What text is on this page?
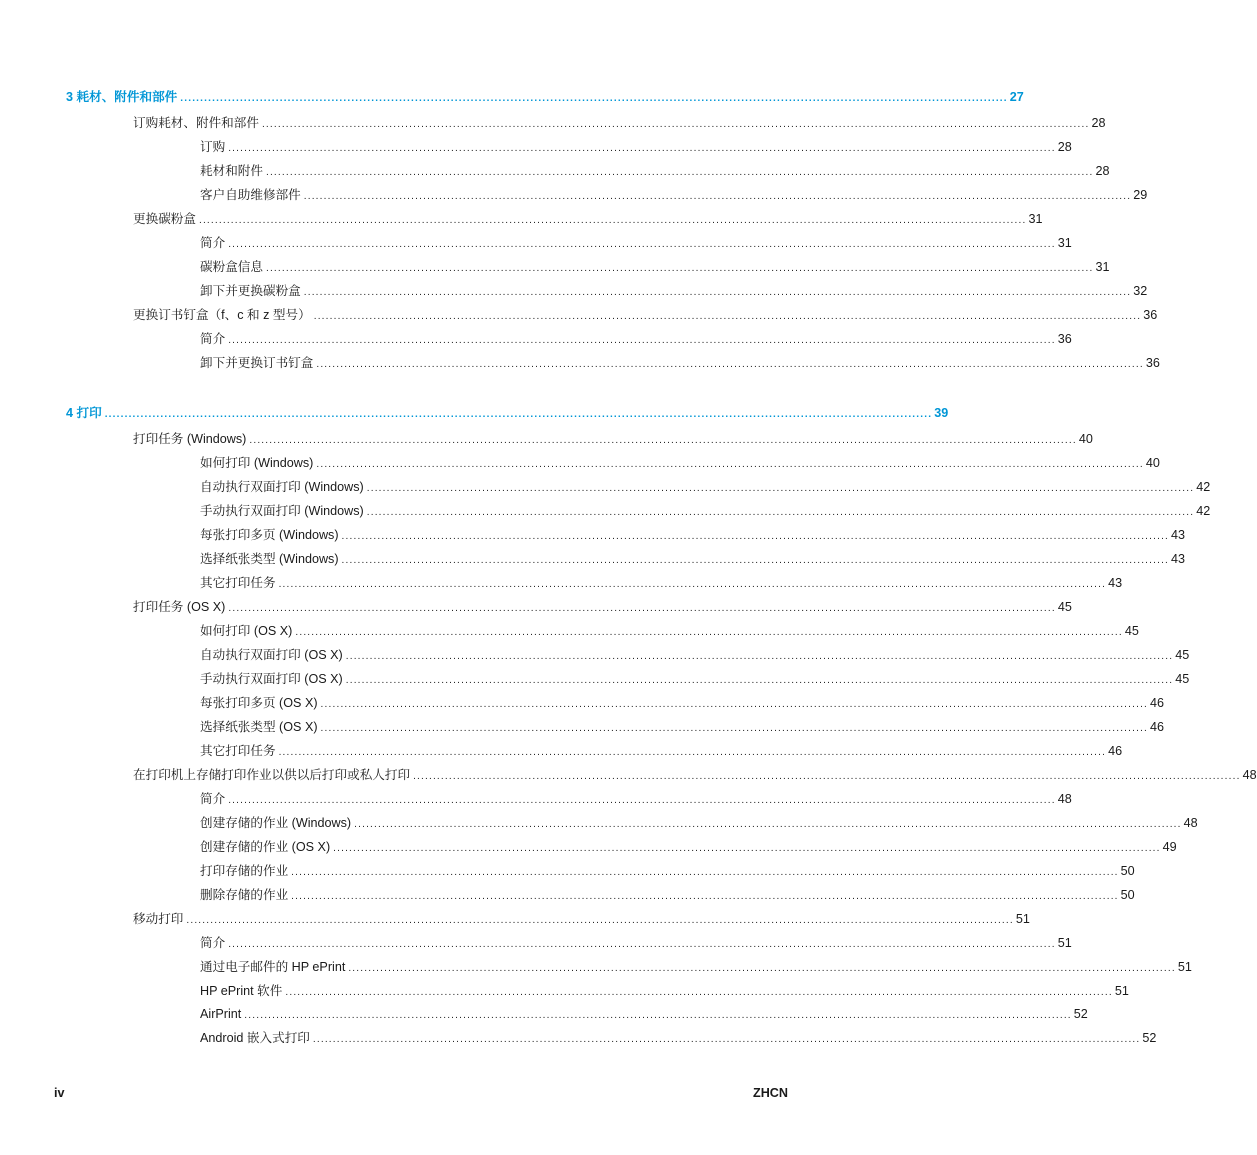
3 耗材、附件和部件 ................................................................................................................................................................................................................ 27
订购耗材、附件和部件 ................................................................................................................................................................................................................ 28
订购 ................................................................................................................................................................................................................ 28
耗材和附件 ................................................................................................................................................................................................................ 28
客户自助维修部件 ................................................................................................................................................................................................................ 29
更换碳粉盒 ................................................................................................................................................................................................................ 31
简介 ................................................................................................................................................................................................................ 31
碳粉盒信息 ................................................................................................................................................................................................................ 31
卸下并更换碳粉盒 ................................................................................................................................................................................................................ 32
更换订书钉盒（f、c 和 z 型号） ................................................................................................................................................................................................................ 36
简介 ................................................................................................................................................................................................................ 36
卸下并更换订书钉盒 ................................................................................................................................................................................................................ 36
4 打印 ................................................................................................................................................................................................................ 39
打印任务 (Windows) ................................................................................................................................................................................................................ 40
如何打印 (Windows) ................................................................................................................................................................................................................ 40
自动执行双面打印 (Windows) ................................................................................................................................................................................................................ 42
手动执行双面打印 (Windows) ................................................................................................................................................................................................................ 42
每张打印多页 (Windows) ................................................................................................................................................................................................................ 43
选择纸张类型 (Windows) ................................................................................................................................................................................................................ 43
其它打印任务 ................................................................................................................................................................................................................ 43
打印任务 (OS X) ................................................................................................................................................................................................................ 45
如何打印 (OS X) ................................................................................................................................................................................................................ 45
自动执行双面打印 (OS X) ................................................................................................................................................................................................................ 45
手动执行双面打印 (OS X) ................................................................................................................................................................................................................ 45
每张打印多页 (OS X) ................................................................................................................................................................................................................ 46
选择纸张类型 (OS X) ................................................................................................................................................................................................................ 46
其它打印任务 ................................................................................................................................................................................................................ 46
在打印机上存储打印作业以供以后打印或私人打印 ................................................................................................................................................................................................................ 48
简介 ................................................................................................................................................................................................................ 48
创建存储的作业 (Windows) ................................................................................................................................................................................................................ 48
创建存储的作业 (OS X) ................................................................................................................................................................................................................ 49
打印存储的作业 ................................................................................................................................................................................................................ 50
删除存储的作业 ................................................................................................................................................................................................................ 50
移动打印 ................................................................................................................................................................................................................ 51
简介 ................................................................................................................................................................................................................ 51
通过电子邮件的 HP ePrint ................................................................................................................................................................................................................ 51
HP ePrint 软件 ................................................................................................................................................................................................................ 51
AirPrint ................................................................................................................................................................................................................ 52
Android 嵌入式打印 ................................................................................................................................................................................................................ 52
iv	ZHCN
